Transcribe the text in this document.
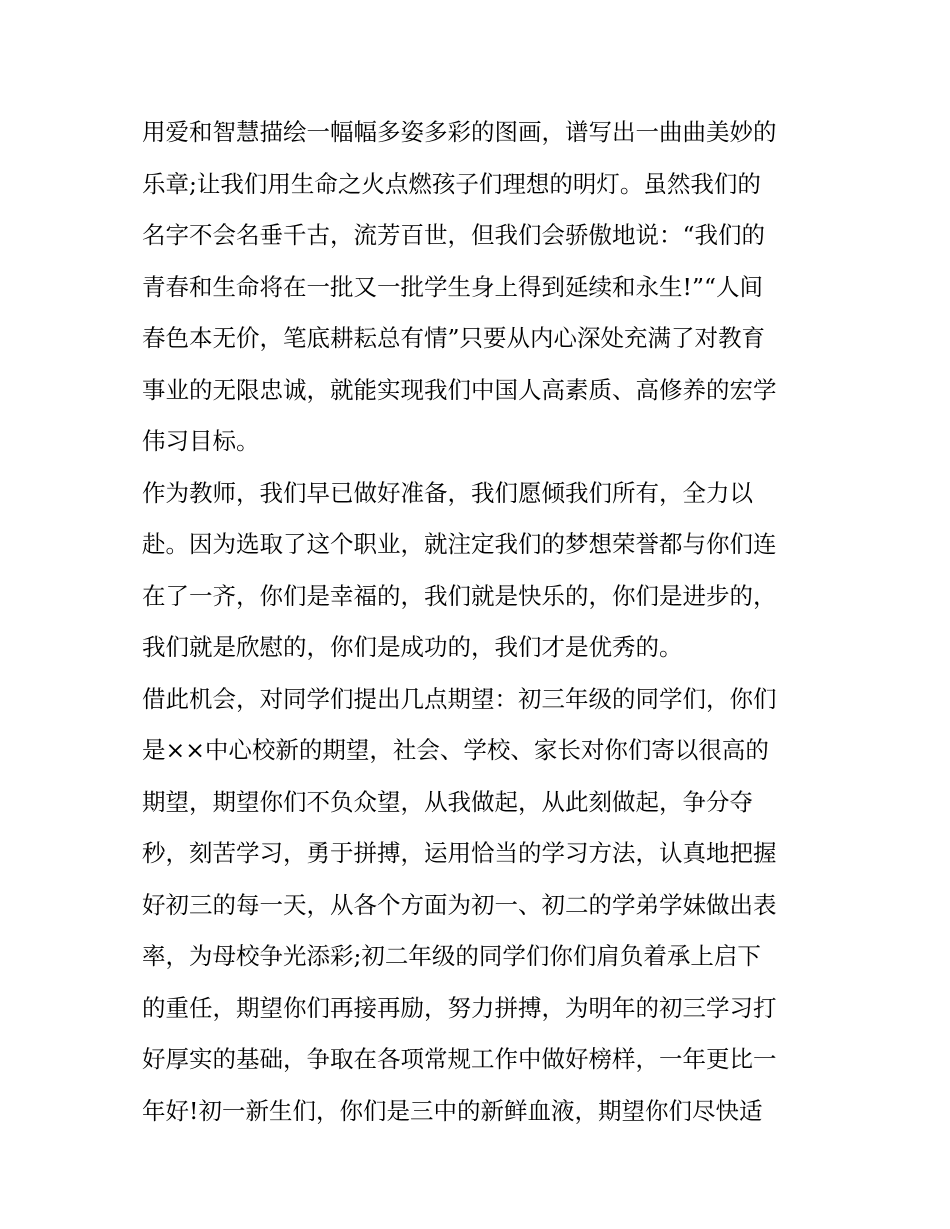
用爱和智慧描绘一幅幅多姿多彩的图画，谱写出一曲曲美妙的
乐章;让我们用生命之火点燃孩子们理想的明灯。虽然我们的
名字不会名垂千古，流芳百世，但我们会骄傲地说：“我们的
青春和生命将在一批又一批学生身上得到延续和永生!”“人间
春色本无价，笔底耕耘总有情”只要从内心深处充满了对教育
事业的无限忠诚，就能实现我们中国人高素质、高修养的宏学
伟习目标。
作为教师，我们早已做好准备，我们愿倾我们所有，全力以
赴。因为选取了这个职业，就注定我们的梦想荣誉都与你们连
在了一齐，你们是幸福的，我们就是快乐的，你们是进步的，
我们就是欣慰的，你们是成功的，我们才是优秀的。
借此机会，对同学们提出几点期望：初三年级的同学们，你们
是××中心校新的期望，社会、学校、家长对你们寄以很高的
期望，期望你们不负众望，从我做起，从此刻做起，争分夺
秒，刻苦学习，勇于拼搏，运用恰当的学习方法，认真地把握
好初三的每一天，从各个方面为初一、初二的学弟学妹做出表
率，为母校争光添彩;初二年级的同学们你们肩负着承上启下
的重任，期望你们再接再励，努力拼搏，为明年的初三学习打
好厚实的基础，争取在各项常规工作中做好榜样，一年更比一
年好!初一新生们，你们是三中的新鲜血液，期望你们尽快适
